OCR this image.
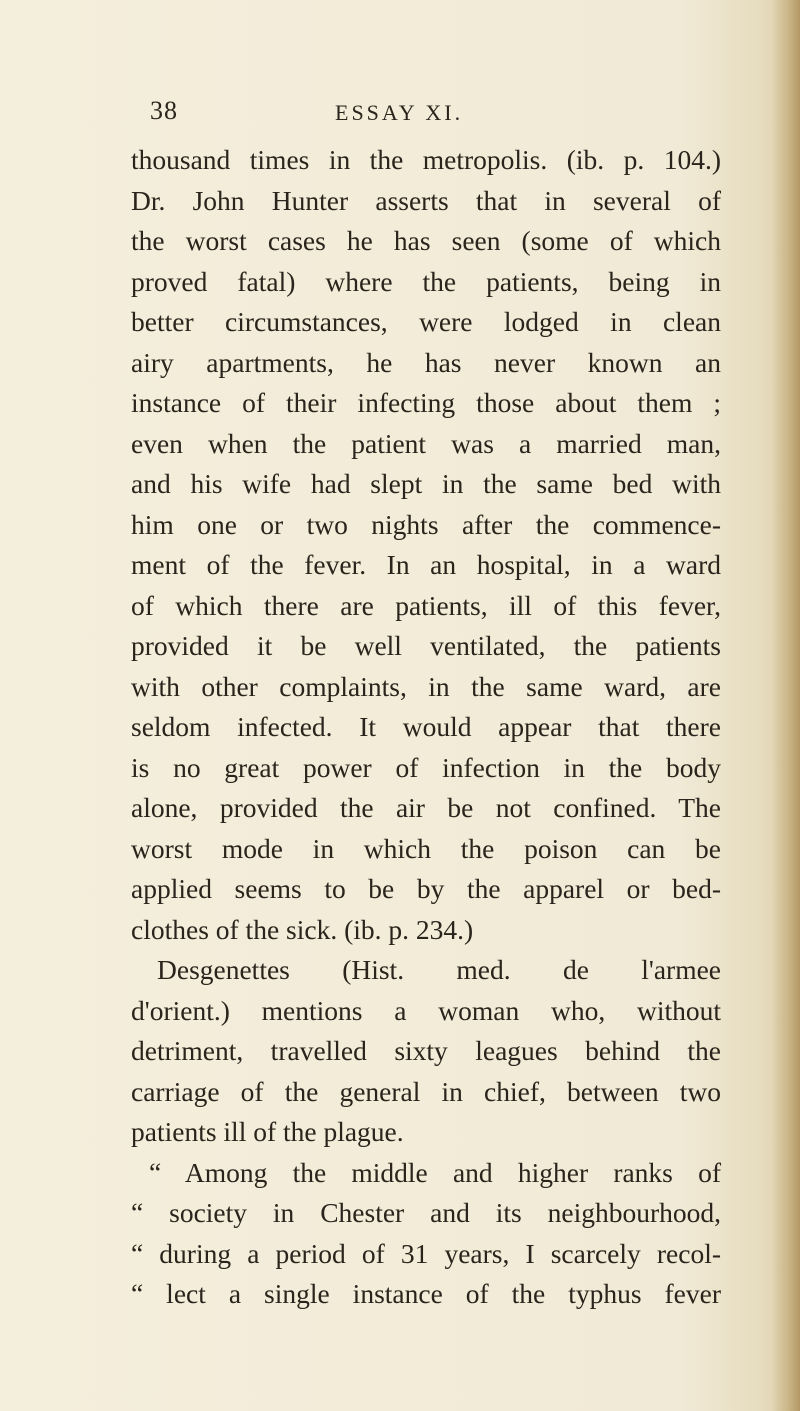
38	ESSAY XI.
thousand times in the metropolis. (ib. p. 104.)
Dr. John Hunter asserts that in several of
the worst cases he has seen (some of which
proved fatal) where the patients, being in
better circumstances, were lodged in clean
airy apartments, he has never known an
instance of their infecting those about them ;
even when the patient was a married man,
and his wife had slept in the same bed with
him one or two nights after the commence-
ment of the fever. In an hospital, in a ward
of which there are patients, ill of this fever,
provided it be well ventilated, the patients
with other complaints, in the same ward, are
seldom infected. It would appear that there
is no great power of infection in the body
alone, provided the air be not confined. The
worst mode in which the poison can be
applied seems to be by the apparel or bed-
clothes of the sick. (ib. p. 234.)
Desgenettes (Hist. med. de l'armee
d'orient.) mentions a woman who, without
detriment, travelled sixty leagues behind the
carriage of the general in chief, between two
patients ill of the plague.
“ Among the middle and higher ranks of
“ society in Chester and its neighbourhood,
“ during a period of 31 years, I scarcely recol-
“ lect a single instance of the typhus fever
